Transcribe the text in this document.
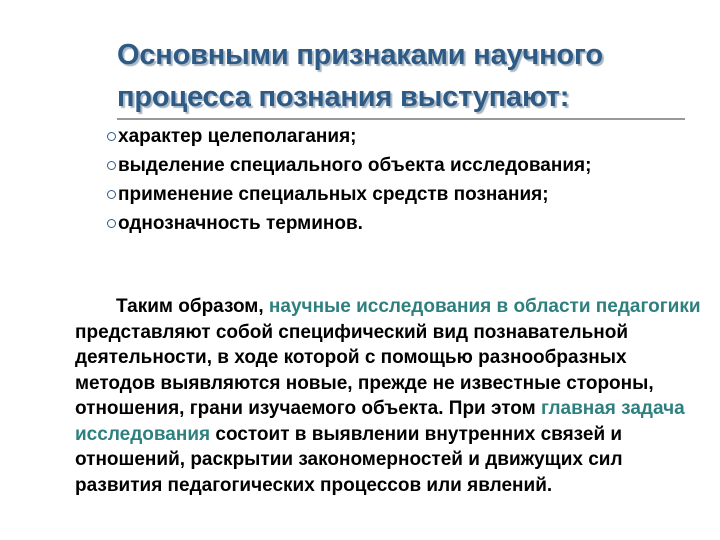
Основными признаками научного
процесса познания выступают:
характер целеполагания;
выделение специального объекта исследования;
применение специальных средств познания;
однозначность терминов.

Таким образом, научные исследования в области педагогики представляют собой специфический вид познавательной деятельности, в ходе которой с помощью разнообразных методов выявляются новые, прежде не известные стороны, отношения, грани изучаемого объекта. При этом главная задача исследования состоит в выявлении внутренних связей и отношений, раскрытии закономерностей и движущих сил развития педагогических процессов или явлений.
